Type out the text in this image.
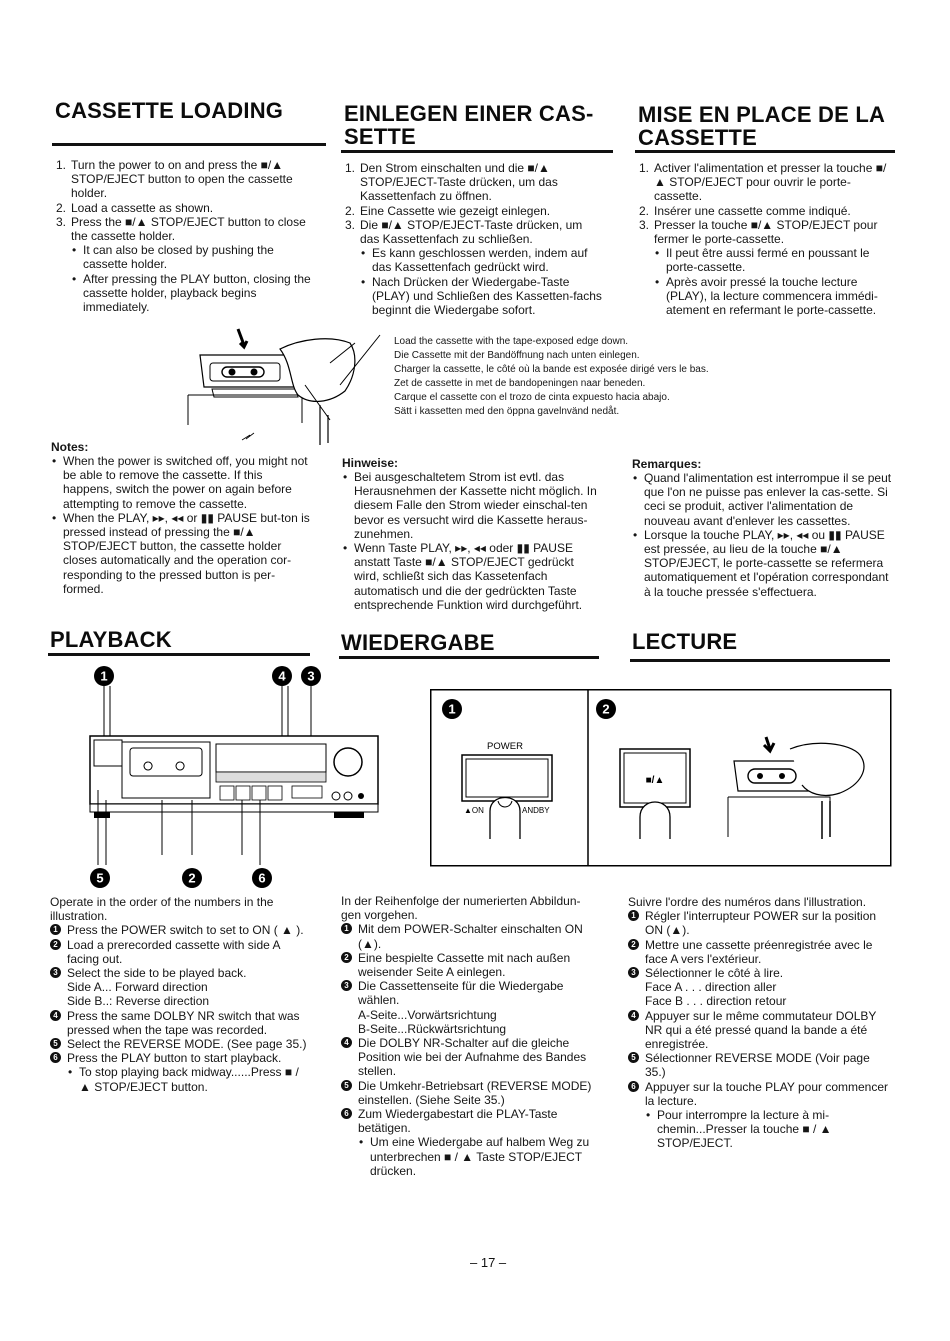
CASSETTE LOADING	EINLEGEN EINER CAS-SETTE
MISE EN PLACE DE LA CASSETTE
1. Turn the power to on and press the ■/▲ STOP/EJECT button to open the cassette holder.
2. Load a cassette as shown.
3. Press the ■/▲ STOP/EJECT button to close the cassette holder.
• It can also be closed by pushing the cassette holder.
• After pressing the PLAY button, closing the cassette holder, playback begins immediately.
1. Den Strom einschalten und die ■/▲ STOP/EJECT-Taste drücken, um das Kassettenfach zu öffnen.
2. Eine Cassette wie gezeigt einlegen.
3. Die ■/▲ STOP/EJECT-Taste drücken, um das Kassettenfach zu schließen.
• Es kann geschlossen werden, indem auf das Kassettenfach gedrückt wird.
• Nach Drücken der Wiedergabe-Taste (PLAY) und Schließen des Kassetten-fachs beginnt die Wiedergabe sofort.
1. Activer l'alimentation et presser la touche ■/▲ STOP/EJECT pour ouvrir le porte-cassette.
2. Insérer une cassette comme indiqué.
3. Presser la touche ■/▲ STOP/EJECT pour fermer le porte-cassette.
• Il peut être aussi fermé en poussant le porte-cassette.
• Après avoir pressé la touche lecture (PLAY), la lecture commencera immédi-atement en refermant le porte-cassette.
Load the cassette with the tape-exposed edge down.
Die Cassette mit der Bandöffnung nach unten einlegen.
Charger la cassette, le côté où la bande est exposée dirigé vers le bas.
Zet de cassette in met de bandopeningen naar beneden.
Carque el cassette con el trozo de cinta expuesto hacia abajo.
Sätt i kassetten med den öppna gavelnvänd nedåt.
Notes:
• When the power is switched off, you might not be able to remove the cassette. If this happens, switch the power on again before attempting to remove the cassette.
• When the PLAY, ▸▸, ◂◂ or ▮▮ PAUSE but-ton is pressed instead of pressing the ■/▲ STOP/EJECT button, the cassette holder closes automatically and the operation cor-responding to the pressed button is per-formed.
Hinweise:
• Bei ausgeschaltetem Strom ist evtl. das Herausnehmen der Kassette nicht möglich. In diesem Falle den Strom wieder einschal-ten bevor es versucht wird die Kassette heraus-zunehmen.
• Wenn Taste PLAY, ▸▸, ◂◂ oder ▮▮ PAUSE anstatt Taste ■/▲ STOP/EJECT gedrückt wird, schließt sich das Kassetenfach automatisch und die der gedrückten Taste entsprechende Funktion wird durchgeführt.
Remarques:
• Quand l'alimentation est interrompue il se peut que l'on ne puisse pas enlever la cas-sette. Si ceci se produit, activer l'alimentation de nouveau avant d'enlever les cassettes.
• Lorsque la touche PLAY, ▸▸, ◂◂ ou ▮▮ PAUSE est pressée, au lieu de la touche ■/▲ STOP/EJECT, le porte-cassette se refermera automatiquement et l'opération correspondant à la touche pressée s'effectuera.
PLAYBACK	WIEDERGABE	LECTURE
1	4 3
5	2	6
1	2
POWER
▲ON	ANDBY
■/▲

Operate in the order of the numbers in the illustration.

1 Press the POWER switch to set to ON ( ▲ ).
2 Load a prerecorded cassette with side A facing out.
3 Select the side to be played back.
Side A... Forward direction
Side B..: Reverse direction
4 Press the same DOLBY NR switch that was pressed when the tape was recorded.
5 Select the REVERSE MODE. (See page 35.)
6 Press the PLAY button to start playback.
• To stop playing back midway......Press ■ / ▲ STOP/EJECT button.

In der Reihenfolge der numerierten Abbildun-gen vorgehen.

1 Mit dem POWER-Schalter einschalten ON (▲).
2 Eine bespielte Cassette mit nach außen weisender Seite A einlegen.
3 Die Cassettenseite für die Wiedergabe wählen.
A-Seite...Vorwärtsrichtung
B-Seite...Rückwärtsrichtung
4 Die DOLBY NR-Schalter auf die gleiche Position wie bei der Aufnahme des Bandes stellen.
5 Die Umkehr-Betriebsart (REVERSE MODE) einstellen. (Siehe Seite 35.)
6 Zum Wiedergabestart die PLAY-Taste betätigen.
• Um eine Wiedergabe auf halbem Weg zu unterbrechen ■ / ▲ Taste STOP/EJECT drücken.

Suivre l'ordre des numéros dans l'illustration.

1 Régler l'interrupteur POWER sur la position ON (▲).
2 Mettre une cassette préenregistrée avec le face A vers l'extérieur.
3 Sélectionner le côté à lire.
Face A . . . direction aller
Face B . . . direction retour
4 Appuyer sur le même commutateur DOLBY NR qui a été pressé quand la bande a été enregistrée.
5 Sélectionner REVERSE MODE (Voir page 35.)
6 Appuyer sur la touche PLAY pour commencer la lecture.
• Pour interrompre la lecture à mi-chemin...Presser la touche ■ / ▲ STOP/EJECT.
– 17 –
